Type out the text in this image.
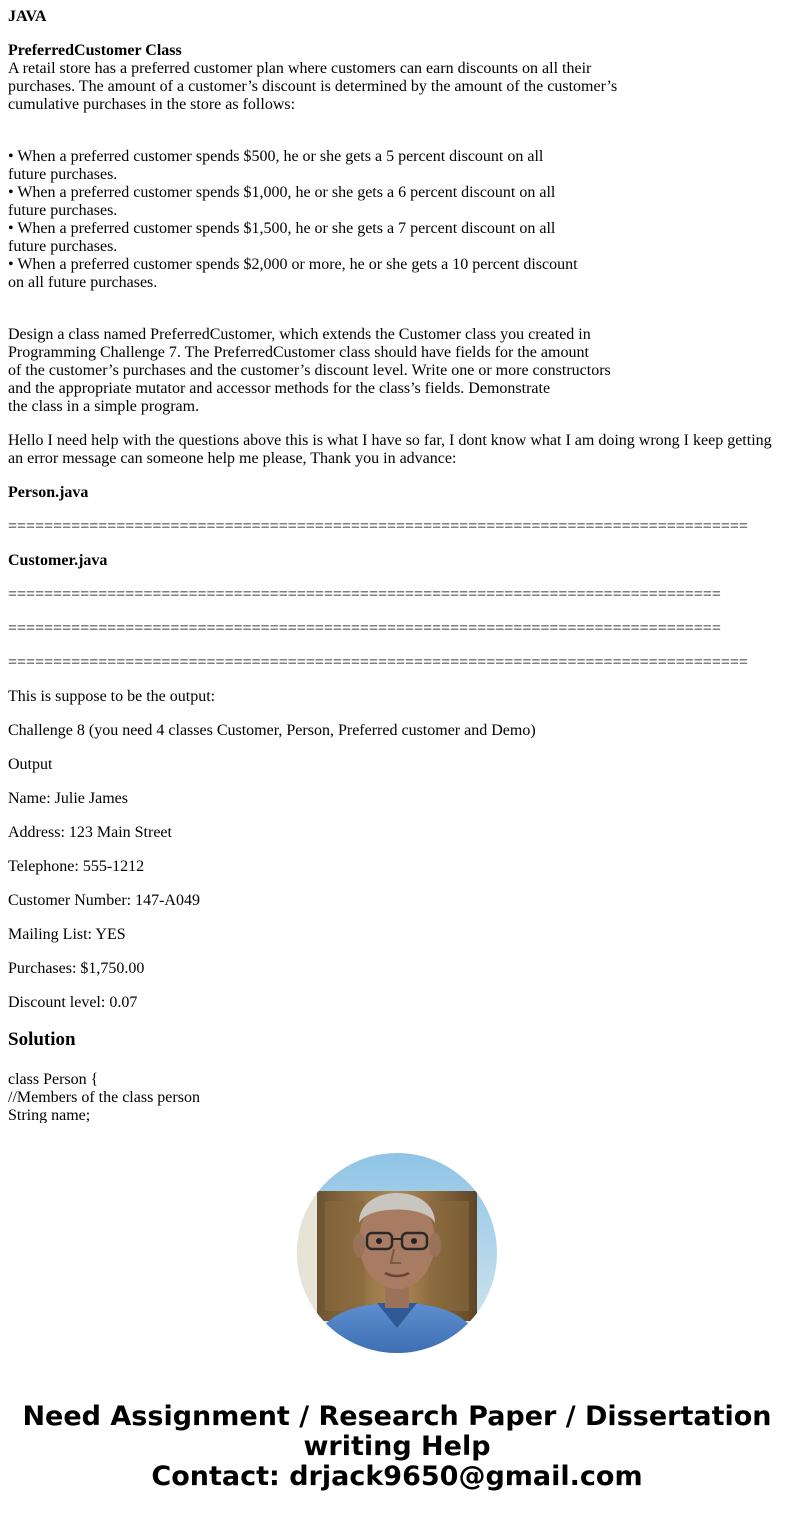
JAVA
PreferredCustomer Class
A retail store has a preferred customer plan where customers can earn discounts on all their
purchases. The amount of a customer’s discount is determined by the amount of the customer’s
cumulative purchases in the store as follows:
• When a preferred customer spends $500, he or she gets a 5 percent discount on all
future purchases.
• When a preferred customer spends $1,000, he or she gets a 6 percent discount on all
future purchases.
• When a preferred customer spends $1,500, he or she gets a 7 percent discount on all
future purchases.
• When a preferred customer spends $2,000 or more, he or she gets a 10 percent discount
on all future purchases.
Design a class named PreferredCustomer, which extends the Customer class you created in
Programming Challenge 7. The PreferredCustomer class should have fields for the amount
of the customer’s purchases and the customer’s discount level. Write one or more constructors
and the appropriate mutator and accessor methods for the class’s fields. Demonstrate
the class in a simple program.
Hello I need help with the questions above this is what I have so far, I dont know what I am doing wrong I keep getting
an error message can someone help me please, Thank you in advance:
Person.java
==================================================================================
Customer.java
===============================================================================
===============================================================================
==================================================================================
This is suppose to be the output:
Challenge 8 (you need 4 classes Customer, Person, Preferred customer and Demo)
Output
Name: Julie James
Address: 123 Main Street
Telephone: 555-1212
Customer Number: 147-A049
Mailing List: YES
Purchases: $1,750.00
Discount level: 0.07
Solution
class Person {
//Members of the class person
String name;
Need Assignment / Research Paper / Dissertation
writing Help
Contact: drjack9650@gmail.com
